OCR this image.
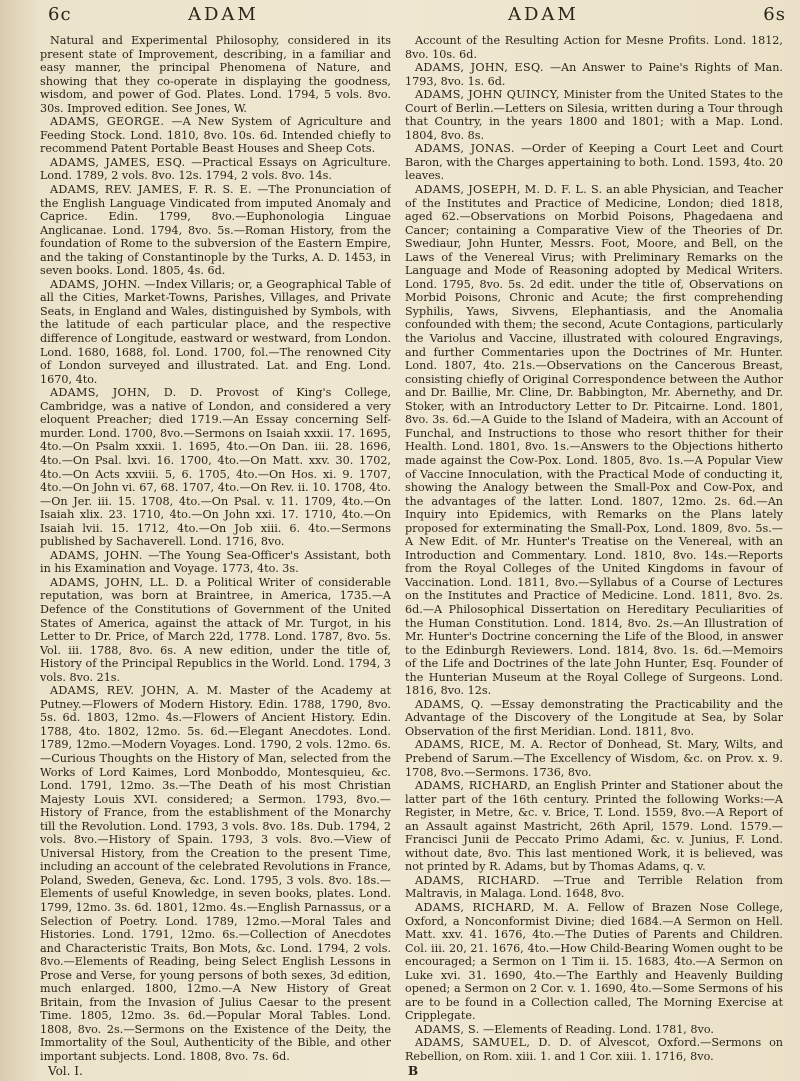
6c	ADAM	ADAM	6s

Natural and Experimental Philosophy, considered in its present state of Improvement, describing, in a familiar and easy manner, the principal Phenomena of Nature, and showing that they co-operate in displaying the goodness, wisdom, and power of God. Plates. Lond. 1794, 5 vols. 8vo. 30s. Improved edition. See Jones, W.

ADAMS, GEORGE. —A New System of Agriculture and Feeding Stock. Lond. 1810, 8vo. 10s. 6d. Intended chiefly to recommend Patent Portable Beast Houses and Sheep Cots.

ADAMS, JAMES, ESQ. —Practical Essays on Agriculture. Lond. 1789, 2 vols. 8vo. 12s. 1794, 2 vols. 8vo. 14s.

ADAMS, REV. JAMES, F. R. S. E. —The Pronunciation of the English Language Vindicated from imputed Anomaly and Caprice. Edin. 1799, 8vo.—Euphonologia Linguae Anglicanae. Lond. 1794, 8vo. 5s.—Roman History, from the foundation of Rome to the subversion of the Eastern Empire, and the taking of Constantinople by the Turks, A. D. 1453, in seven books. Lond. 1805, 4s. 6d.

ADAMS, JOHN. —Index Villaris; or, a Geographical Table of all the Cities, Market-Towns, Parishes, Villages, and Private Seats, in England and Wales, distinguished by Symbols, with the latitude of each particular place, and the respective difference of Longitude, eastward or westward, from London. Lond. 1680, 1688, fol. Lond. 1700, fol.—The renowned City of London surveyed and illustrated. Lat. and Eng. Lond. 1670, 4to.

ADAMS, JOHN, D. D. Provost of King's College, Cambridge, was a native of London, and considered a very eloquent Preacher; died 1719.—An Essay concerning Self-murder. Lond. 1700, 8vo.—Sermons on Isaiah xxxii. 17. 1695, 4to.—On Psalm xxxii. 1. 1695, 4to.—On Dan. iii. 28. 1696, 4to.—On Psal. lxvi. 16. 1700, 4to.—On Matt. xxv. 30. 1702, 4to.—On Acts xxviii. 5, 6. 1705, 4to.—On Hos. xi. 9. 1707, 4to.—On John vi. 67, 68. 1707, 4to.—On Rev. ii. 10. 1708, 4to.—On Jer. iii. 15. 1708, 4to.—On Psal. v. 11. 1709, 4to.—On Isaiah xlix. 23. 1710, 4to.—On John xxi. 17. 1710, 4to.—On Isaiah lvii. 15. 1712, 4to.—On Job xiii. 6. 4to.—Sermons published by Sachaverell. Lond. 1716, 8vo.

ADAMS, JOHN. —The Young Sea-Officer's Assistant, both in his Examination and Voyage. 1773, 4to. 3s.

ADAMS, JOHN, LL. D. a Political Writer of considerable reputation, was born at Braintree, in America, 1735.—A Defence of the Constitutions of Government of the United States of America, against the attack of Mr. Turgot, in his Letter to Dr. Price, of March 22d, 1778. Lond. 1787, 8vo. 5s. Vol. iii. 1788, 8vo. 6s. A new edition, under the title of, History of the Principal Republics in the World. Lond. 1794, 3 vols. 8vo. 21s.

ADAMS, REV. JOHN, A. M. Master of the Academy at Putney.—Flowers of Modern History. Edin. 1788, 1790, 8vo. 5s. 6d. 1803, 12mo. 4s.—Flowers of Ancient History. Edin. 1788, 4to. 1802, 12mo. 5s. 6d.—Elegant Anecdotes. Lond. 1789, 12mo.—Modern Voyages. Lond. 1790, 2 vols. 12mo. 6s.—Curious Thoughts on the History of Man, selected from the Works of Lord Kaimes, Lord Monboddo, Montesquieu, &c. Lond. 1791, 12mo. 3s.—The Death of his most Christian Majesty Louis XVI. considered; a Sermon. 1793, 8vo.—History of France, from the establishment of the Monarchy till the Revolution. Lond. 1793, 3 vols. 8vo. 18s. Dub. 1794, 2 vols. 8vo.—History of Spain. 1793, 3 vols. 8vo.—View of Universal History, from the Creation to the present Time, including an account of the celebrated Revolutions in France, Poland, Sweden, Geneva, &c. Lond. 1795, 3 vols. 8vo. 18s.—Elements of useful Knowledge, in seven books, plates. Lond. 1799, 12mo. 3s. 6d. 1801, 12mo. 4s.—English Parnassus, or a Selection of Poetry. Lond. 1789, 12mo.—Moral Tales and Histories. Lond. 1791, 12mo. 6s.—Collection of Anecdotes and Characteristic Traits, Bon Mots, &c. Lond. 1794, 2 vols. 8vo.—Elements of Reading, being Select English Lessons in Prose and Verse, for young persons of both sexes, 3d edition, much enlarged. 1800, 12mo.—A New History of Great Britain, from the Invasion of Julius Caesar to the present Time. 1805, 12mo. 3s. 6d.—Popular Moral Tables. Lond. 1808, 8vo. 2s.—Sermons on the Existence of the Deity, the Immortality of the Soul, Authenticity of the Bible, and other important subjects. Lond. 1808, 8vo. 7s. 6d.

Account of the Resulting Action for Mesne Profits. Lond. 1812, 8vo. 10s. 6d.

ADAMS, JOHN, ESQ. —An Answer to Paine's Rights of Man. 1793, 8vo. 1s. 6d.

ADAMS, JOHN QUINCY, Minister from the United States to the Court of Berlin.—Letters on Silesia, written during a Tour through that Country, in the years 1800 and 1801; with a Map. Lond. 1804, 8vo. 8s.

ADAMS, JONAS. —Order of Keeping a Court Leet and Court Baron, with the Charges appertaining to both. Lond. 1593, 4to. 20 leaves.

ADAMS, JOSEPH, M. D. F. L. S. an able Physician, and Teacher of the Institutes and Practice of Medicine, London; died 1818, aged 62.—Observations on Morbid Poisons, Phagedaena and Cancer; containing a Comparative View of the Theories of Dr. Swediaur, John Hunter, Messrs. Foot, Moore, and Bell, on the Laws of the Venereal Virus; with Preliminary Remarks on the Language and Mode of Reasoning adopted by Medical Writers. Lond. 1795, 8vo. 5s. 2d edit. under the title of, Observations on Morbid Poisons, Chronic and Acute; the first comprehending Syphilis, Yaws, Sivvens, Elephantiasis, and the Anomalia confounded with them; the second, Acute Contagions, particularly the Variolus and Vaccine, illustrated with coloured Engravings, and further Commentaries upon the Doctrines of Mr. Hunter. Lond. 1807, 4to. 21s.—Observations on the Cancerous Breast, consisting chiefly of Original Correspondence between the Author and Dr. Baillie, Mr. Cline, Dr. Babbington, Mr. Abernethy, and Dr. Stoker, with an Introductory Letter to Dr. Pitcairne. Lond. 1801, 8vo. 3s. 6d.—A Guide to the Island of Madeira, with an Account of Funchal, and Instructions to those who resort thither for their Health. Lond. 1801, 8vo. 1s.—Answers to the Objections hitherto made against the Cow-Pox. Lond. 1805, 8vo. 1s.—A Popular View of Vaccine Innoculation, with the Practical Mode of conducting it, showing the Analogy between the Small-Pox and Cow-Pox, and the advantages of the latter. Lond. 1807, 12mo. 2s. 6d.—An Inquiry into Epidemics, with Remarks on the Plans lately proposed for exterminating the Small-Pox, Lond. 1809, 8vo. 5s.—A New Edit. of Mr. Hunter's Treatise on the Venereal, with an Introduction and Commentary. Lond. 1810, 8vo. 14s.—Reports from the Royal Colleges of the United Kingdoms in favour of Vaccination. Lond. 1811, 8vo.—Syllabus of a Course of Lectures on the Institutes and Practice of Medicine. Lond. 1811, 8vo. 2s. 6d.—A Philosophical Dissertation on Hereditary Peculiarities of the Human Constitution. Lond. 1814, 8vo. 2s.—An Illustration of Mr. Hunter's Doctrine concerning the Life of the Blood, in answer to the Edinburgh Reviewers. Lond. 1814, 8vo. 1s. 6d.—Memoirs of the Life and Doctrines of the late John Hunter, Esq. Founder of the Hunterian Museum at the Royal College of Surgeons. Lond. 1816, 8vo. 12s.

ADAMS, Q. —Essay demonstrating the Practicability and the Advantage of the Discovery of the Longitude at Sea, by Solar Observation of the first Meridian. Lond. 1811, 8vo.

ADAMS, RICE, M. A. Rector of Donhead, St. Mary, Wilts, and Prebend of Sarum.—The Excellency of Wisdom, &c. on Prov. x. 9. 1708, 8vo.—Sermons. 1736, 8vo.

ADAMS, RICHARD, an English Printer and Stationer about the latter part of the 16th century. Printed the following Works:—A Register, in Metre, &c. v. Brice, T. Lond. 1559, 8vo.—A Report of an Assault against Mastricht, 26th April, 1579. Lond. 1579.—Francisci Junii de Peccato Primo Adami, &c. v. Junius, F. Lond. without date, 8vo. This last mentioned Work, it is believed, was not printed by R. Adams, but by Thomas Adams, q. v.

ADAMS, RICHARD. —True and Terrible Relation from Maltravis, in Malaga. Lond. 1648, 8vo.

ADAMS, RICHARD, M. A. Fellow of Brazen Nose College, Oxford, a Nonconformist Divine; died 1684.—A Sermon on Hell. Matt. xxv. 41. 1676, 4to.—The Duties of Parents and Children. Col. iii. 20, 21. 1676, 4to.—How Child-Bearing Women ought to be encouraged; a Sermon on 1 Tim ii. 15. 1683, 4to.—A Sermon on Luke xvi. 31. 1690, 4to.—The Earthly and Heavenly Building opened; a Sermon on 2 Cor. v. 1. 1690, 4to.—Some Sermons of his are to be found in a Collection called, The Morning Exercise at Cripplegate.

ADAMS, S. —Elements of Reading. Lond. 1781, 8vo.

ADAMS, SAMUEL, D. D. of Alvescot, Oxford.—Sermons on Rebellion, on Rom. xiii. 1. and 1 Cor. xiii. 1. 1716, 8vo.

Vol. I.	B
